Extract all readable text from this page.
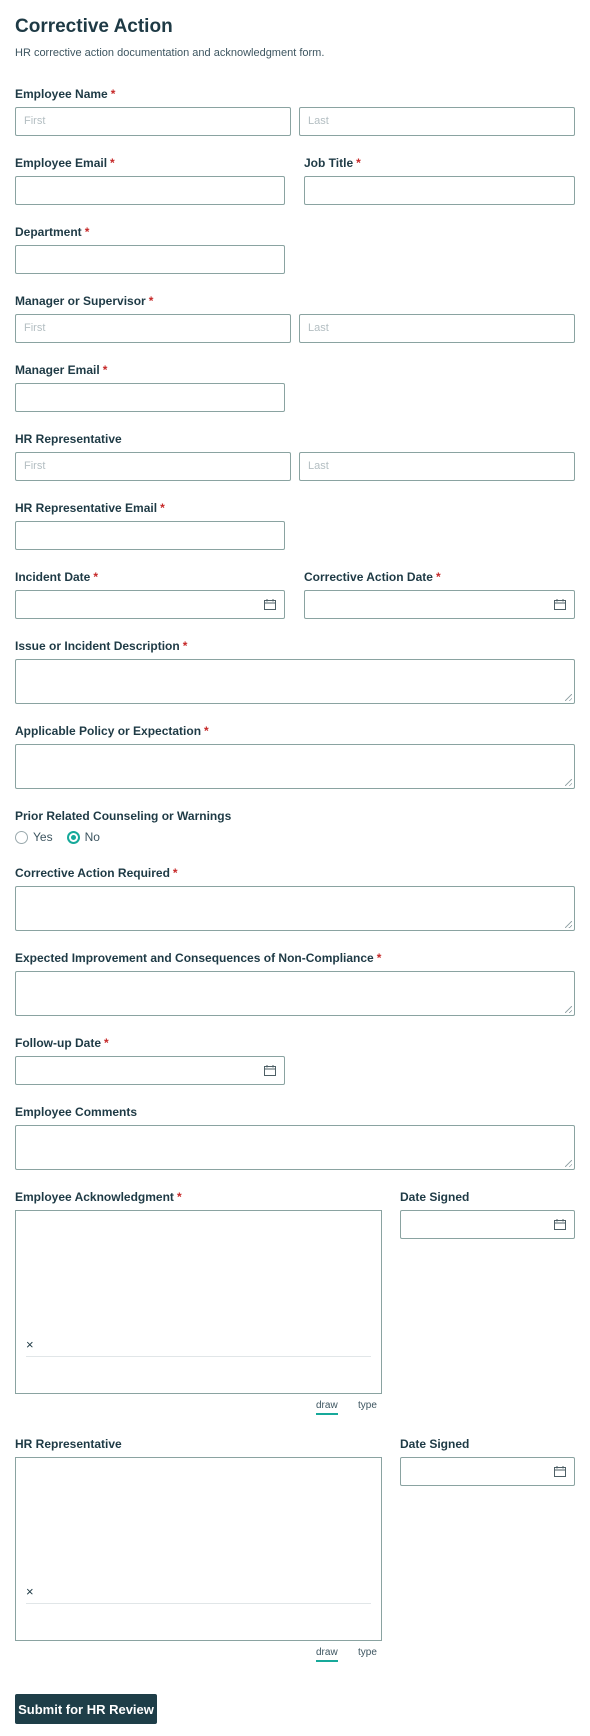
Corrective Action
HR corrective action documentation and acknowledgment form.
Employee Name *
First	Last
Employee Email *	Job Title *
Department *
Manager or Supervisor *
First	Last
Manager Email *
HR Representative
First	Last
HR Representative Email *
Incident Date *	Corrective Action Date *
Issue or Incident Description *
Applicable Policy or Expectation *
Prior Related Counseling or Warnings
Yes	No
Corrective Action Required *
Expected Improvement and Consequences of Non-Compliance *
Follow-up Date *
Employee Comments
Employee Acknowledgment *
×
draw type
Date Signed
HR Representative
×
draw type
Date Signed
Submit for HR Review
